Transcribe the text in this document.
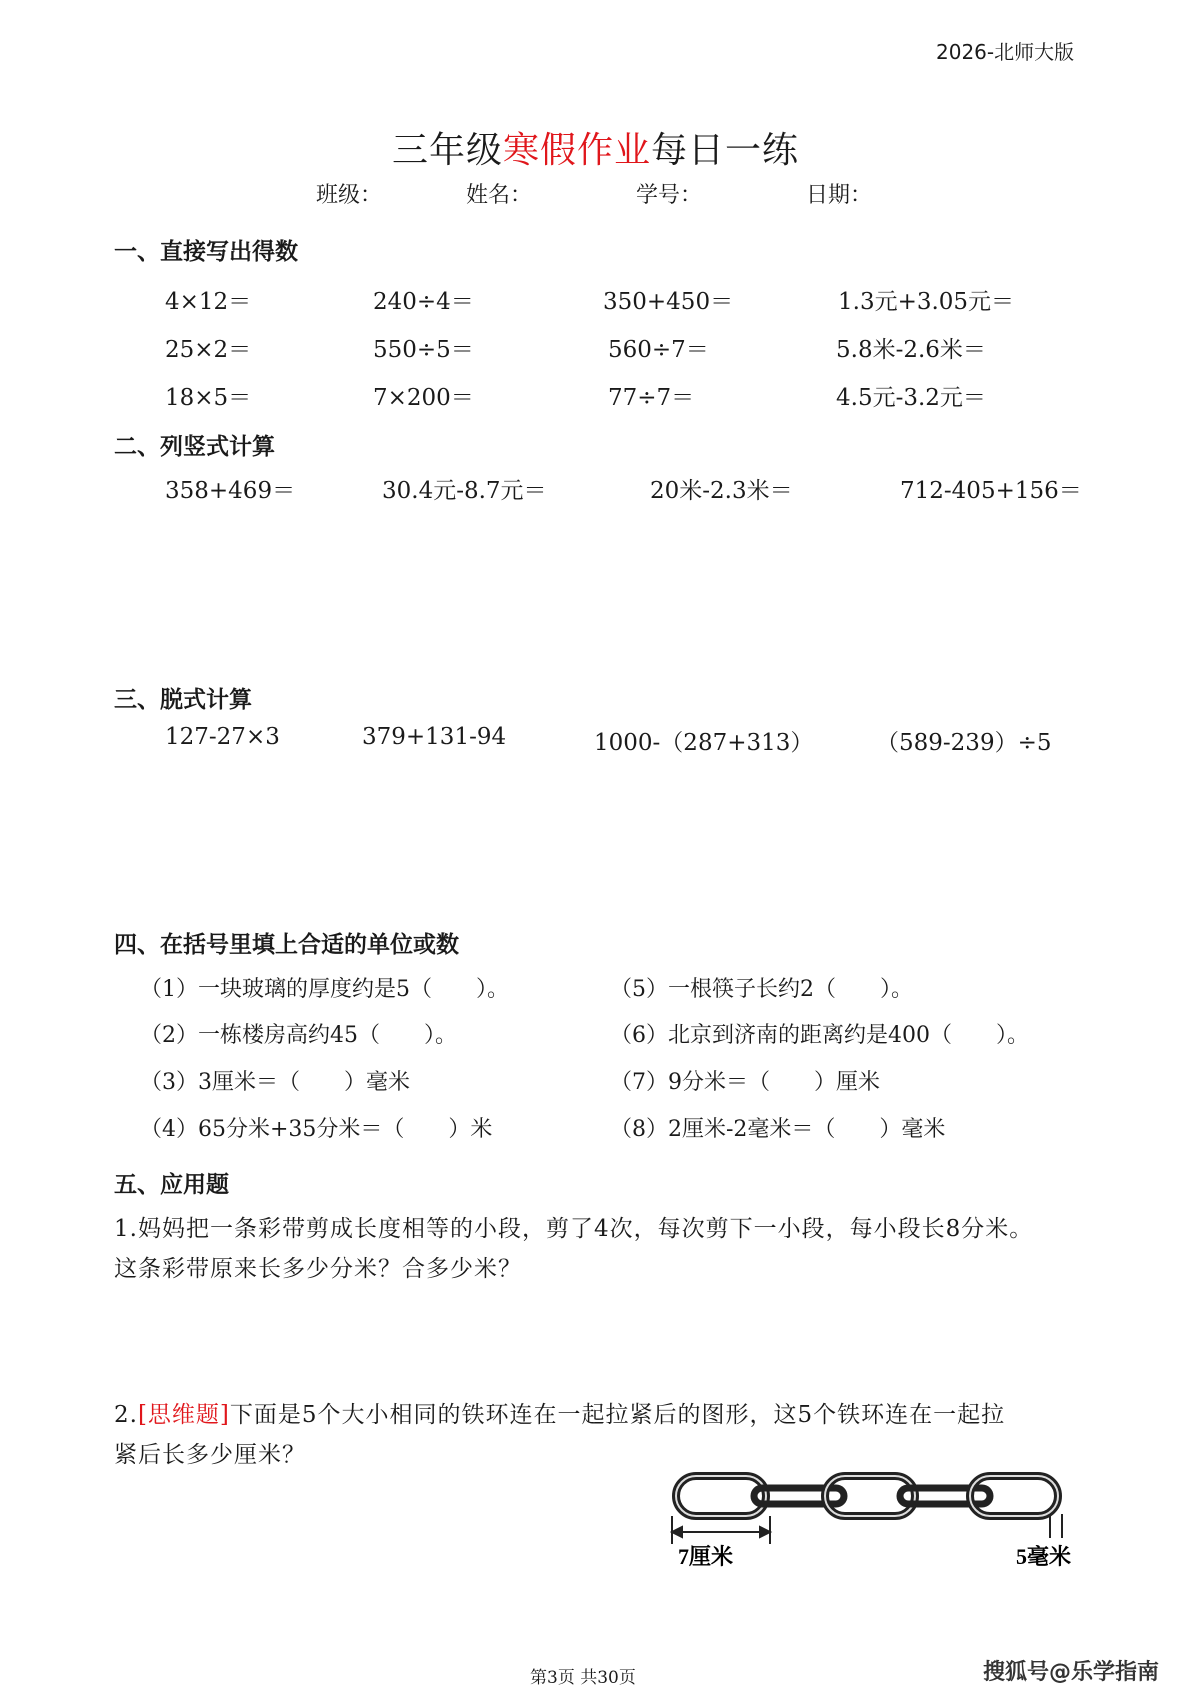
2026-北师大版
三年级寒假作业每日一练
班级：	姓名：	学号：	日期：
一、直接写出得数
4×12＝	240÷4＝	350+450＝	1.3元+3.05元＝
25×2＝	550÷5＝	560÷7＝	5.8米-2.6米＝
18×5＝	7×200＝	77÷7＝	4.5元-3.2元＝
二、列竖式计算
358+469＝	30.4元-8.7元＝	20米-2.3米＝	712-405+156＝
三、脱式计算
127-27×3	379+131-94	1000-（287+313）	（589-239）÷5
四、在括号里填上合适的单位或数
（1）一块玻璃的厚度约是5（　　）。
（2）一栋楼房高约45（　　）。
（3）3厘米＝（　　）毫米
（4）65分米+35分米＝（　　）米
（5）一根筷子长约2（　　）。
（6）北京到济南的距离约是400（　　）。
（7）9分米＝（　　）厘米
（8）2厘米-2毫米＝（　　）毫米
五、应用题
1.妈妈把一条彩带剪成长度相等的小段，剪了4次，每次剪下一小段，每小段长8分米。
这条彩带原来长多少分米？合多少米？
2.[思维题]下面是5个大小相同的铁环连在一起拉紧后的图形，这5个铁环连在一起拉
紧后长多少厘米？
7厘米	5毫米
第3页 共30页	搜狐号@乐学指南
